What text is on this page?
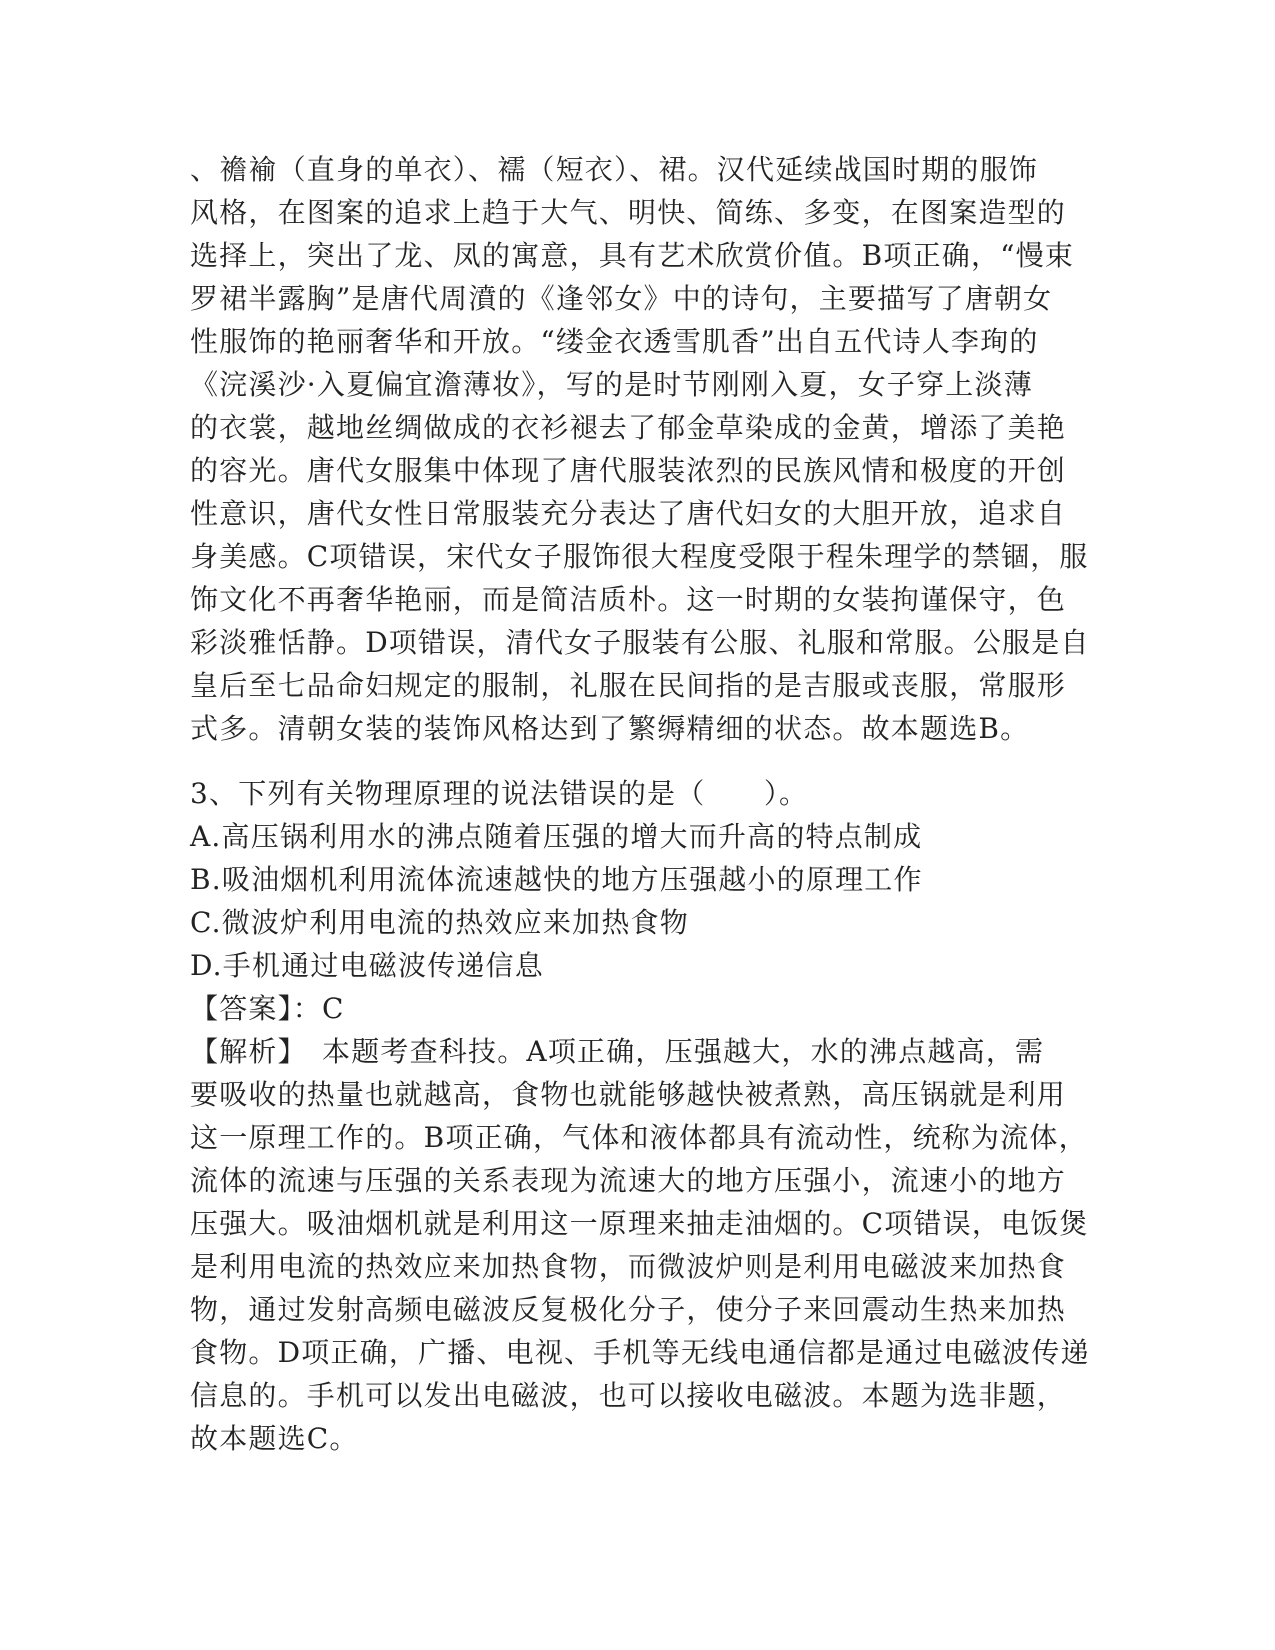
、襜褕（直身的单衣）、襦（短衣）、裙。汉代延续战国时期的服饰
风格，在图案的追求上趋于大气、明快、简练、多变，在图案造型的
选择上，突出了龙、凤的寓意，具有艺术欣赏价值。B项正确，“慢束
罗裙半露胸”是唐代周濆的《逢邻女》中的诗句，主要描写了唐朝女
性服饰的艳丽奢华和开放。“缕金衣透雪肌香”出自五代诗人李珣的
《浣溪沙·入夏偏宜澹薄妆》，写的是时节刚刚入夏，女子穿上淡薄
的衣裳，越地丝绸做成的衣衫褪去了郁金草染成的金黄，增添了美艳
的容光。唐代女服集中体现了唐代服装浓烈的民族风情和极度的开创
性意识，唐代女性日常服装充分表达了唐代妇女的大胆开放，追求自
身美感。C项错误，宋代女子服饰很大程度受限于程朱理学的禁锢，服
饰文化不再奢华艳丽，而是简洁质朴。这一时期的女装拘谨保守，色
彩淡雅恬静。D项错误，清代女子服装有公服、礼服和常服。公服是自
皇后至七品命妇规定的服制，礼服在民间指的是吉服或丧服，常服形
式多。清朝女装的装饰风格达到了繁缛精细的状态。故本题选B。
3、下列有关物理原理的说法错误的是（　　）。
A.高压锅利用水的沸点随着压强的增大而升高的特点制成
B.吸油烟机利用流体流速越快的地方压强越小的原理工作
C.微波炉利用电流的热效应来加热食物
D.手机通过电磁波传递信息
【答案】：C
【解析】　本题考查科技。A项正确，压强越大，水的沸点越高，需
要吸收的热量也就越高，食物也就能够越快被煮熟，高压锅就是利用
这一原理工作的。B项正确，气体和液体都具有流动性，统称为流体，
流体的流速与压强的关系表现为流速大的地方压强小，流速小的地方
压强大。吸油烟机就是利用这一原理来抽走油烟的。C项错误，电饭煲
是利用电流的热效应来加热食物，而微波炉则是利用电磁波来加热食
物，通过发射高频电磁波反复极化分子，使分子来回震动生热来加热
食物。D项正确，广播、电视、手机等无线电通信都是通过电磁波传递
信息的。手机可以发出电磁波，也可以接收电磁波。本题为选非题，
故本题选C。
